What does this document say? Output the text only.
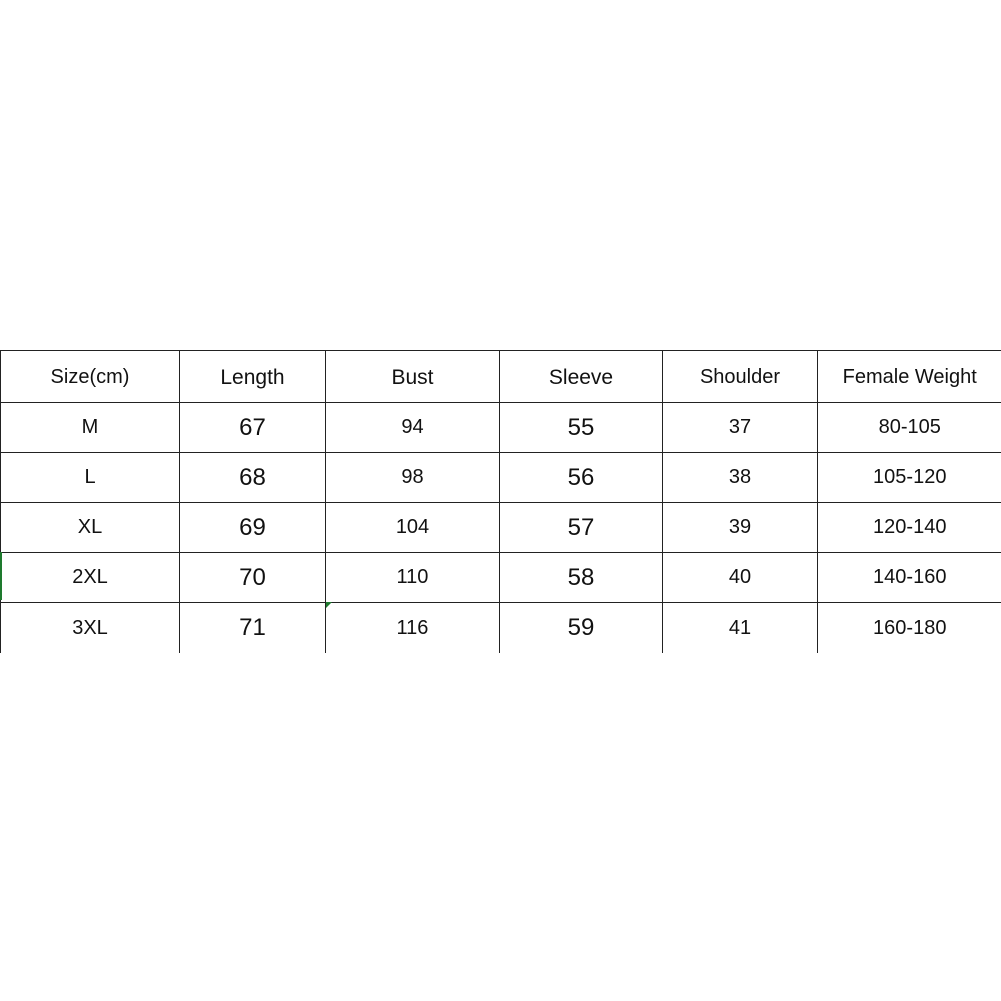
Size(cm)	Length	Bust	Sleeve	Shoulder	Female Weight
M	67	94	55	37	80-105
L	68	98	56	38	105-120
XL	69	104	57	39	120-140
2XL	70	110	58	40	140-160
3XL	71	116	59	41	160-180
